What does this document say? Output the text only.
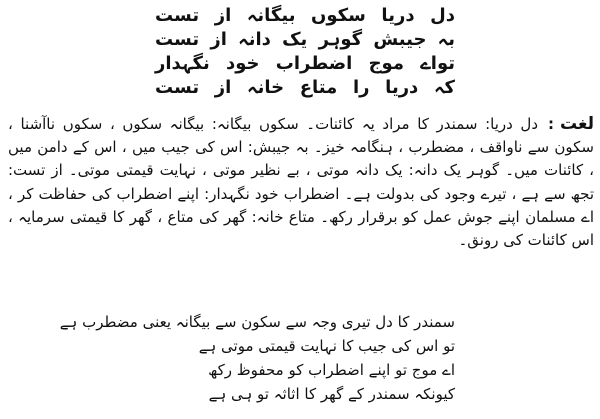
دل دریا سکوں بیگانہ از تست
بہ جیبش گوہر یک دانہ از تست
تواے موج اضطراب خود نگہدار
کہ دریا را متاع خانہ از تست
لغت:دل دریا: سمندر کا مراد یہ کائنات۔ سکوں بیگانہ: بیگانہ سکوں ، سکوں ناآشنا ، سکون سے ناواقف ، مضطرب ، ہنگامہ خیز۔ بہ جیبش: اس کی جیب میں ، اس کے دامن میں ، کائنات میں۔ گوہر یک دانہ: یک دانہ موتی ، بے نظیر موتی ، نہایت قیمتی موتی۔ از تست: تجھ سے ہے ، تیرے وجود کی بدولت ہے۔ اضطراب خود نگہدار: اپنے اضطراب کی حفاظت کر ، اے مسلمان اپنے جوش عمل کو برقرار رکھ۔ متاع خانہ: گھر کی متاع ، گھر کا قیمتی سرمایہ ، اس کائنات کی رونق۔
سمندر کا دل تیری وجہ سے سکون سے بیگانہ یعنی مضطرب ہے
تو اس کی جیب کا نہایت قیمتی موتی ہے
اے موج تو اپنے اضطراب کو محفوظ رکھ
کیونکہ سمندر کے گھر کا اثاثہ تو ہی ہے
